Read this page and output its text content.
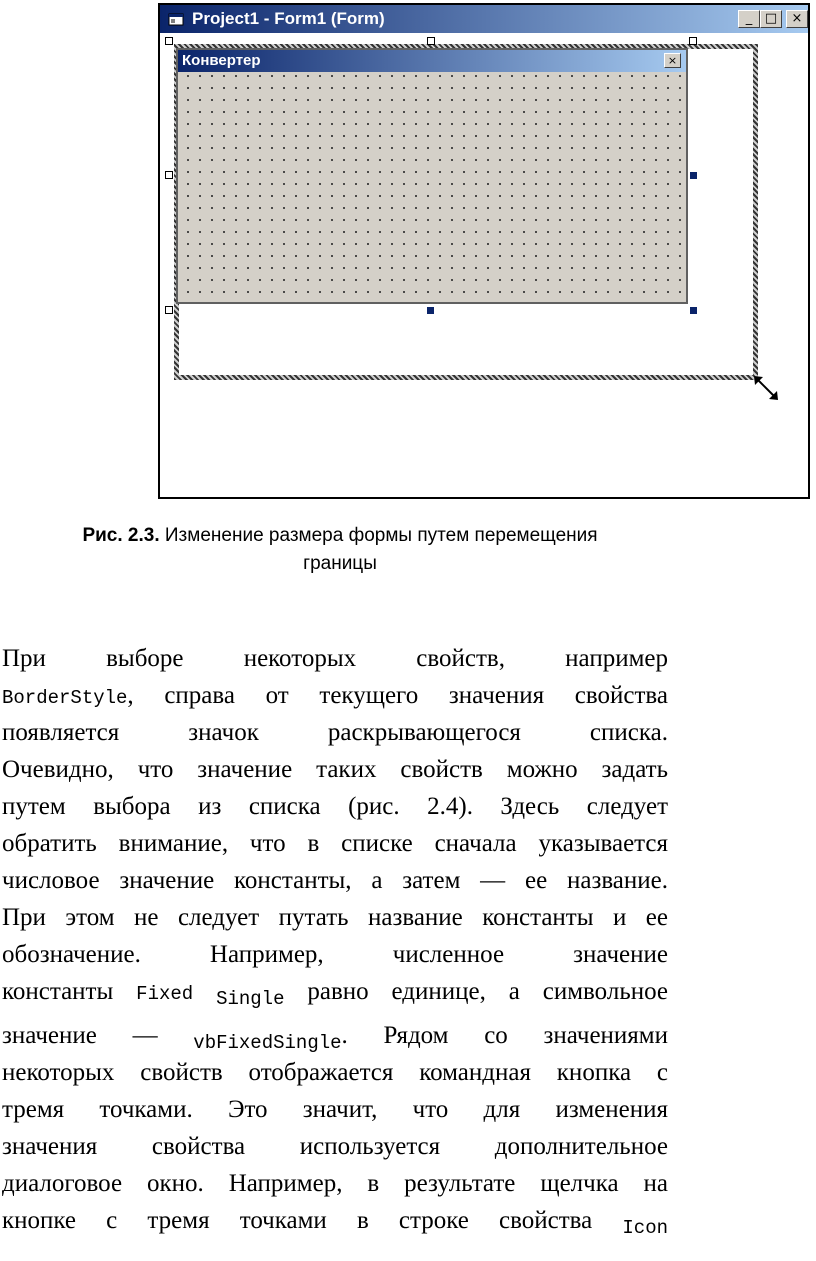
Project1 - Form1 (Form)	_ □	×
Конвертер	×
Рис. 2.3. Изменение размера формы путем перемещения
границы
При выборе некоторых свойств, например
BorderStyle, справа от текущего значения свойства
появляется значок раскрывающегося списка.
Очевидно, что значение таких свойств можно задать
путем выбора из списка (рис. 2.4). Здесь следует
обратить внимание, что в списке сначала указывается
числовое значение константы, а затем — ее название.
При этом не следует путать название константы и ее
обозначение. Например, численное значение
константы Fixed $_{Single}$ равно единице, а символьное
значение — $_{vbFixedSingle}$. Рядом со значениями
некоторых свойств отображается командная кнопка с
тремя точками. Это значит, что для изменения
значения свойства используется дополнительное
диалоговое окно. Например, в результате щелчка на
кнопке с тремя точками в строке свойства $_{Icon}$
